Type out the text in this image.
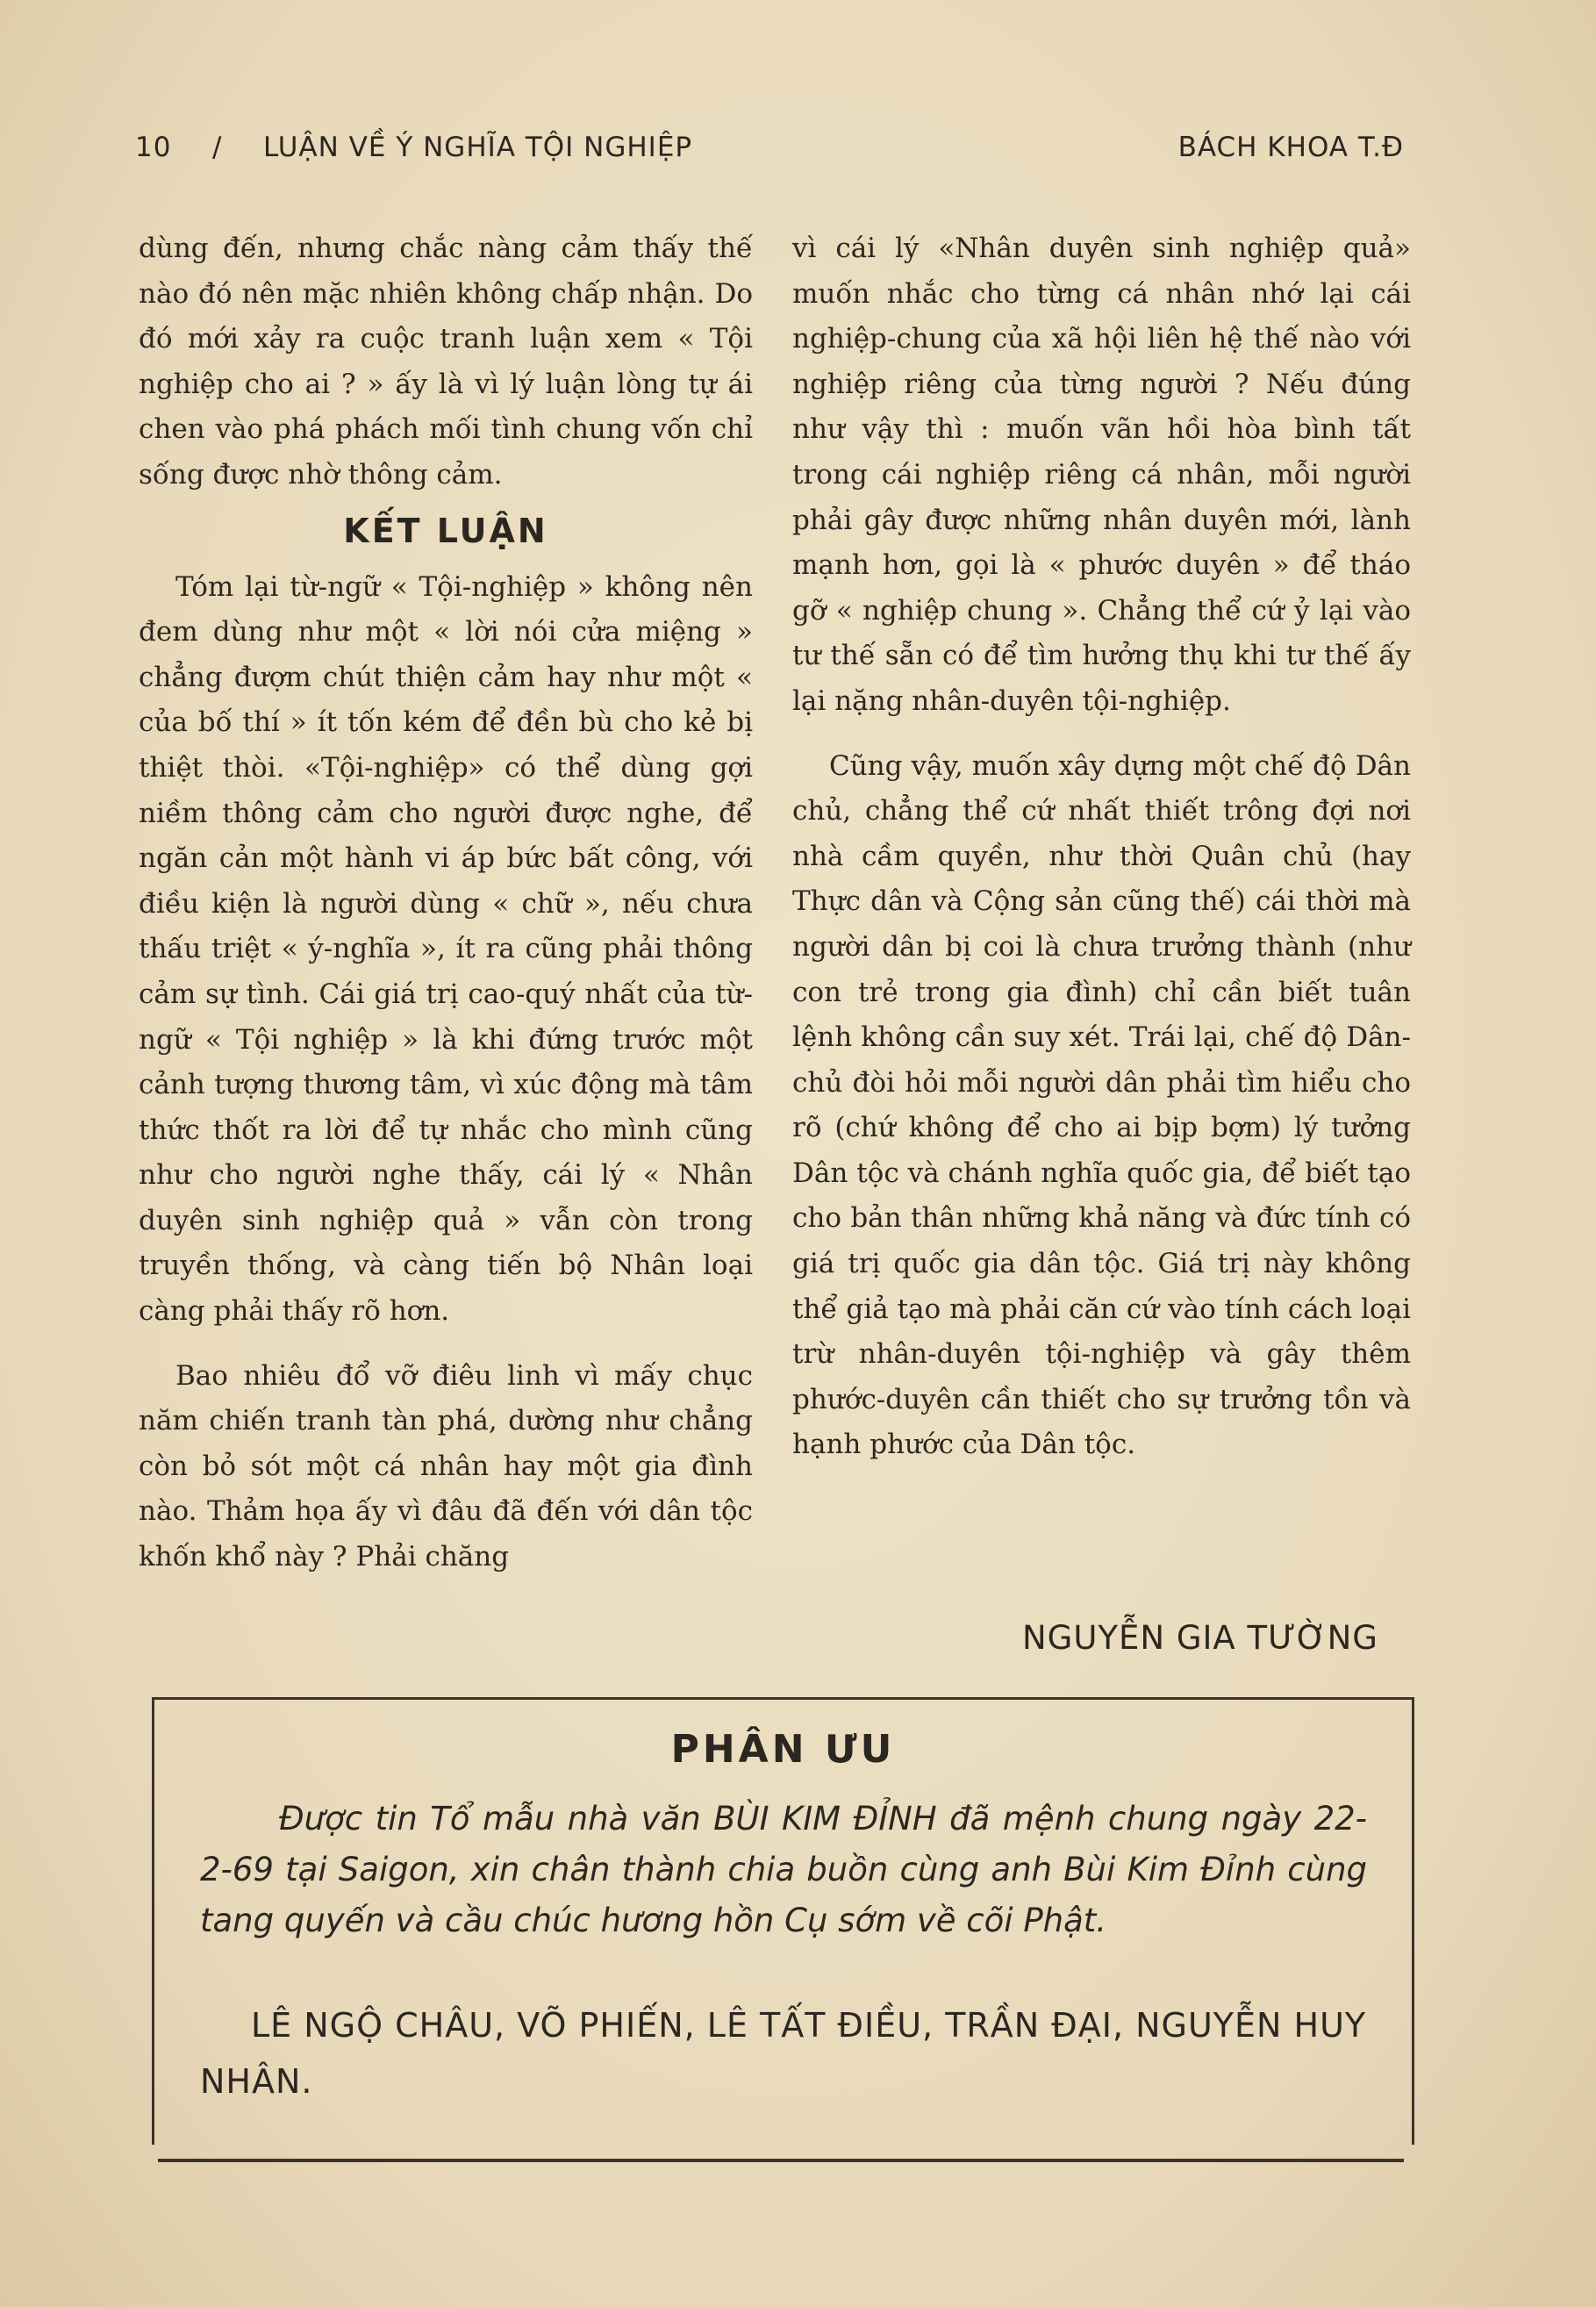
10 / LUẬN VỀ Ý NGHĨA TỘI NGHIỆP	BÁCH KHOA T.Đ

dùng đến, nhưng chắc nàng cảm thấy thế nào đó nên mặc nhiên không chấp nhận. Do đó mới xảy ra cuộc tranh luận xem « Tội nghiệp cho ai ? » ấy là vì lý luận lòng tự ái chen vào phá phách mối tình chung vốn chỉ sống được nhờ thông cảm.

KẾT LUẬN

Tóm lại từ-ngữ « Tội-nghiệp » không nên đem dùng như một « lời nói cửa miệng » chẳng đượm chút thiện cảm hay như một « của bố thí » ít tốn kém để đền bù cho kẻ bị thiệt thòi. «Tội-nghiệp» có thể dùng gợi niềm thông cảm cho người được nghe, để ngăn cản một hành vi áp bức bất công, với điều kiện là người dùng « chữ », nếu chưa thấu triệt « ý-nghĩa », ít ra cũng phải thông cảm sự tình. Cái giá trị cao-quý nhất của từ-ngữ « Tội nghiệp » là khi đứng trước một cảnh tượng thương tâm, vì xúc động mà tâm thức thốt ra lời để tự nhắc cho mình cũng như cho người nghe thấy, cái lý « Nhân duyên sinh nghiệp quả » vẫn còn trong truyền thống, và càng tiến bộ Nhân loại càng phải thấy rõ hơn.

Bao nhiêu đổ vỡ điêu linh vì mấy chục năm chiến tranh tàn phá, dường như chẳng còn bỏ sót một cá nhân hay một gia đình nào. Thảm họa ấy vì đâu đã đến với dân tộc khốn khổ này ? Phải chăng

vì cái lý «Nhân duyên sinh nghiệp quả» muốn nhắc cho từng cá nhân nhớ lại cái nghiệp-chung của xã hội liên hệ thế nào với nghiệp riêng của từng người ? Nếu đúng như vậy thì : muốn vãn hồi hòa bình tất trong cái nghiệp riêng cá nhân, mỗi người phải gây được những nhân duyên mới, lành mạnh hơn, gọi là « phước duyên » để tháo gỡ « nghiệp chung ». Chẳng thể cứ ỷ lại vào tư thế sẵn có để tìm hưởng thụ khi tư thế ấy lại nặng nhân-duyên tội-nghiệp.

Cũng vậy, muốn xây dựng một chế độ Dân chủ, chẳng thể cứ nhất thiết trông đợi nơi nhà cầm quyền, như thời Quân chủ (hay Thực dân và Cộng sản cũng thế) cái thời mà người dân bị coi là chưa trưởng thành (như con trẻ trong gia đình) chỉ cần biết tuân lệnh không cần suy xét. Trái lại, chế độ Dân-chủ đòi hỏi mỗi người dân phải tìm hiểu cho rõ (chứ không để cho ai bịp bợm) lý tưởng Dân tộc và chánh nghĩa quốc gia, để biết tạo cho bản thân những khả năng và đức tính có giá trị quốc gia dân tộc. Giá trị này không thể giả tạo mà phải căn cứ vào tính cách loại trừ nhân-duyên tội-nghiệp và gây thêm phước-duyên cần thiết cho sự trưởng tồn và hạnh phước của Dân tộc.

NGUYỄN GIA TƯỜNG
PHÂN ƯU
Được tin Tổ mẫu nhà văn BÙI KIM ĐỈNH đã mệnh chung ngày 22-2-69 tại Saigon, xin chân thành chia buồn cùng anh Bùi Kim Đỉnh cùng tang quyến và cầu chúc hương hồn Cụ sớm về cõi Phật.
LÊ NGỘ CHÂU, VÕ PHIẾN, LÊ TẤT ĐIỀU, TRẦN ĐẠI, NGUYỄN HUY NHÂN.
